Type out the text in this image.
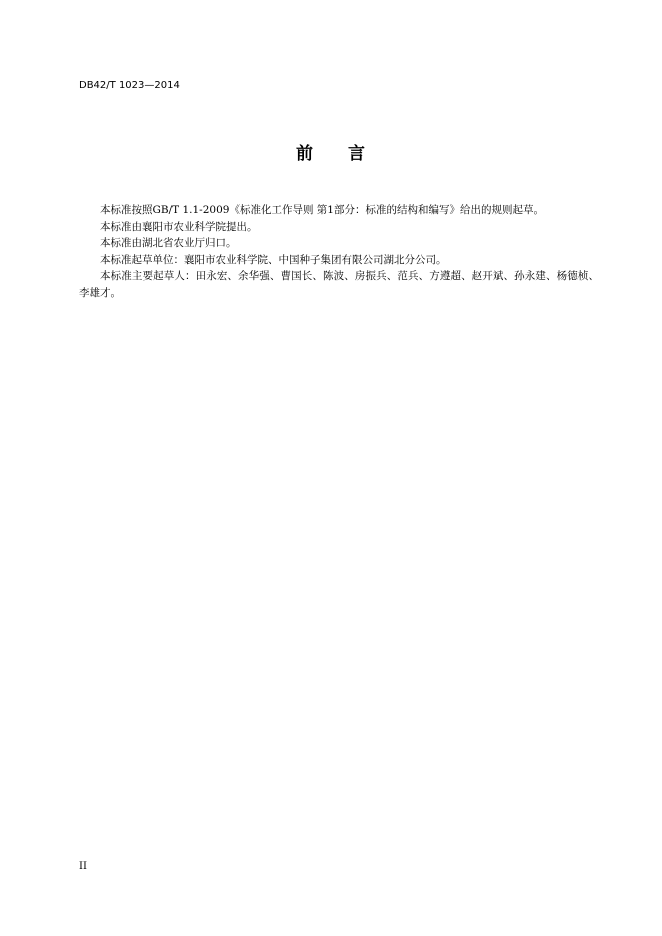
DB42/T 1023—2014
前 言

本标准按照GB/T 1.1-2009《标准化工作导则 第1部分：标准的结构和编写》给出的规则起草。

本标准由襄阳市农业科学院提出。

本标准由湖北省农业厅归口。

本标准起草单位：襄阳市农业科学院、中国种子集团有限公司湖北分公司。

本标准主要起草人：田永宏、余华强、曹国长、陈波、房振兵、范兵、方遵超、赵开斌、孙永建、杨德桢、李雄才。

II
